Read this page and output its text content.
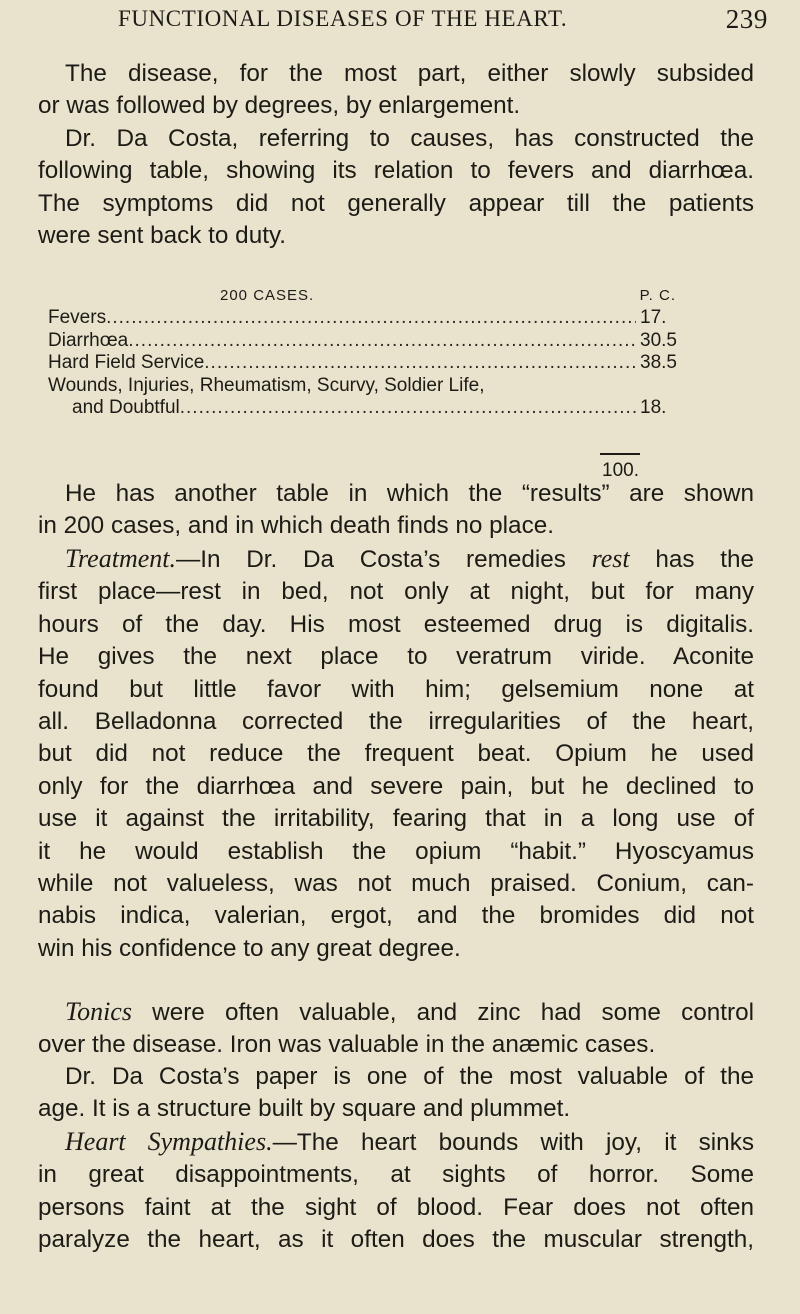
FUNCTIONAL DISEASES OF THE HEART.	239

The disease, for the most part, either slowly subsided

or was followed by degrees, by enlargement.

Dr. Da Costa, referring to causes, has constructed the

following table, showing its relation to fevers and diarrhœa.

The symptoms did not generally appear till the patients

were sent back to duty.

200 CASES.	P. C.
Fevers .....	17.
Diarrhœa .....	30.5
Hard Field Service .....	38.5
Wounds, Injuries, Rheumatism, Scurvy, Soldier Life,
and Doubtful .....	18.
100.

He has another table in which the “results” are shown

in 200 cases, and in which death finds no place.

Treatment.—In Dr. Da Costa’s remedies rest has the

first place—rest in bed, not only at night, but for many

hours of the day. His most esteemed drug is digitalis.

He gives the next place to veratrum viride. Aconite

found but little favor with him; gelsemium none at

all. Belladonna corrected the irregularities of the heart,

but did not reduce the frequent beat. Opium he used

only for the diarrhœa and severe pain, but he declined to

use it against the irritability, fearing that in a long use of

it he would establish the opium “habit.” Hyoscyamus

while not valueless, was not much praised. Conium, can-

nabis indica, valerian, ergot, and the bromides did not

win his confidence to any great degree.

Tonics were often valuable, and zinc had some control

over the disease. Iron was valuable in the anæmic cases.

Dr. Da Costa’s paper is one of the most valuable of the

age. It is a structure built by square and plummet.

Heart Sympathies.—The heart bounds with joy, it sinks

in great disappointments, at sights of horror. Some

persons faint at the sight of blood. Fear does not often

paralyze the heart, as it often does the muscular strength,
